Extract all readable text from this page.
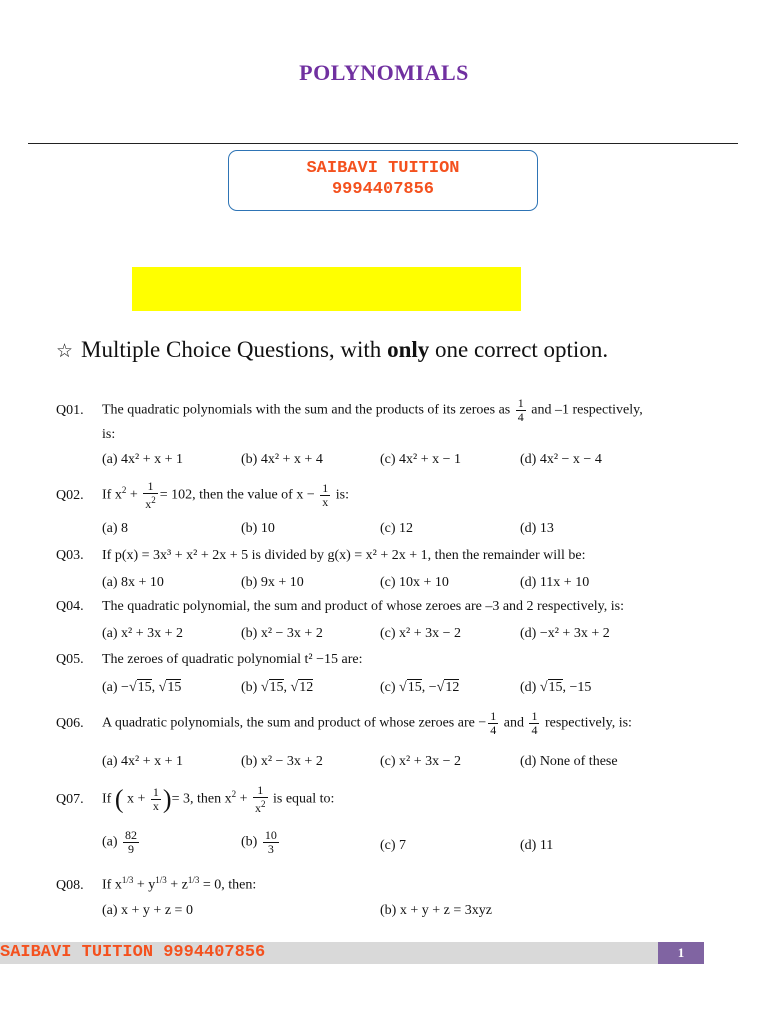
POLYNOMIALS
SAIBAVI TUITION
9994407856
☆ Multiple Choice Questions, with only one correct option.
Q01. The quadratic polynomials with the sum and the products of its zeroes as $\frac{1}{4}$ and –1 respectively,
is:
(a) 4x² + x + 1	(b) 4x² + x + 4	(c) 4x² + x − 1	(d) 4x² − x − 4
Q02. If $x^2 + \frac{1}{x^2} = 102$, then the value of $x - \frac{1}{x}$ is:
(a) 8	(b) 10	(c) 12	(d) 13
Q03. If p(x) = 3x³ + x² + 2x + 5 is divided by g(x) = x² + 2x + 1, then the remainder will be:
(a) 8x + 10	(b) 9x + 10	(c) 10x + 10	(d) 11x + 10
Q04. The quadratic polynomial, the sum and product of whose zeroes are –3 and 2 respectively, is:
(a) x² + 3x + 2	(b) x² − 3x + 2	(c) x² + 3x − 2	(d) −x² + 3x + 2
Q05. The zeroes of quadratic polynomial t² −15 are:
(a) −√15, √15	(b) √15, √12	(c) √15, −√12	(d) √15, −15
Q06. A quadratic polynomials, the sum and product of whose zeroes are − $\frac{1}{4}$ and $\frac{1}{4}$ respectively, is:
(a) 4x² + x + 1	(b) x² − 3x + 2	(c) x² + 3x − 2	(d) None of these
Q07. If ( $x + \frac{1}{x}$ )= 3, then $x^2 + \frac{1}{x^2}$ is equal to:
$(a) \frac{82}{9}$	$(b) \frac{10}{3}$	(c) 7	(d) 11
Q08. If $x^{1/3} + y^{1/3} + z^{1/3} = 0$, then:
(a) x + y + z = 0	(b) x + y + z = 3xyz
SAIBAVI TUITION 9994407856	1
